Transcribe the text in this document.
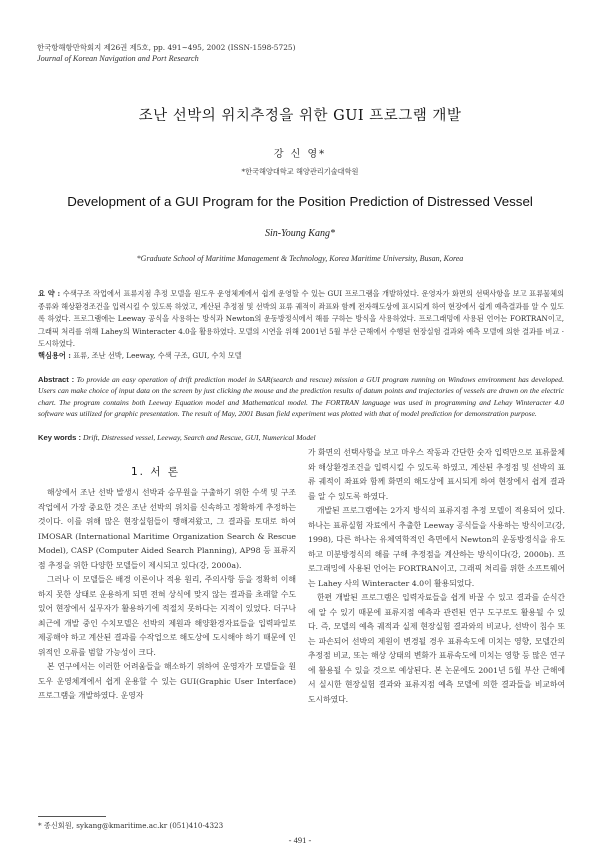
한국항해항만학회지 제26권 제5호, pp. 491~495, 2002 (ISSN-1598-5725)
Journal of Korean Navigation and Port Research
조난 선박의 위치추정을 위한 GUI 프로그램 개발
강 신 영*
*한국해양대학교 해양관리기술대학원
Development of a GUI Program for the Position Prediction of Distressed Vessel
Sin-Young Kang*
*Graduate School of Maritime Management & Technology, Korea Maritime University, Busan, Korea

요 약 : 수색구조 작업에서 표류지점 추정 모델을 원도우 운영체계에서 쉽게 운영할 수 있는 GUI 프로그램을 개발하였다. 운영자가 화면의 선택사항을 보고 표류물체의 종류와 해상환경조건을 입력시킬 수 있도록 하였고, 계산된 추정점 및 선박의 표류 궤적이 좌표와 함께 전자해도상에 표시되게 하여 현장에서 쉽게 예측결과를 알 수 있도록 하였다. 프로그램에는 Leeway 공식을 사용하는 방식과 Newton의 운동방정식에서 해를 구하는 방식을 사용하였다. 프로그래밍에 사용된 언어는 FORTRAN이고, 그래픽 처리를 위해 Lahey의 Winteracter 4.0을 활용하였다. 모델의 시연을 위해 2001년 5월 부산 근해에서 수행된 현장실험 결과와 예측 모델에 의한 결과를 비교 · 도시하였다.

핵심용어 : 표류, 조난 선박, Leeway, 수색 구조, GUI, 수치 모델

Abstract : To provide an easy operation of drift prediction model in SAR(search and rescue) mission a GUI program running on Windows environment has developed. Users can make choice of input data on the screen by just clicking the mouse and the prediction results of datum points and trajectories of vessels are drawn on the electric chart. The program contains both Leeway Equation model and Mathematical model. The FORTRAN language was used in programming and Lehay Winteracter 4.0 software was utilized for graphic presentation. The result of May, 2001 Busan field experiment was plotted with that of model prediction for demonstration purpose.

Key words : Drift, Distressed vessel, Leeway, Search and Rescue, GUI, Numerical Model

1. 서 론

해상에서 조난 선박 발생시 선박과 승무원을 구출하기 위한 수색 및 구조 작업에서 가장 중요한 것은 조난 선박의 위치를 신속하고 정확하게 추정하는 것이다. 이를 위해 많은 현장실험들이 행해져왔고, 그 결과를 토대로 하여 IMOSAR (International Maritime Organization Search & Rescue Model), CASP (Computer Aided Search Planning), AP98 등 표류지점 추정을 위한 다양한 모델들이 제시되고 있다(강, 2000a).

그러나 이 모델들은 배경 이론이나 적용 원리, 주의사항 등을 정확히 이해하지 못한 상태로 운용하게 되면 전혀 상식에 맞지 않는 결과를 초래할 수도 있어 현장에서 실무자가 활용하기에 적절치 못하다는 지적이 있었다. 더구나 최근에 개발 중인 수치모델은 선박의 제원과 해양환경자료들을 입력파일로 제공해야 하고 계산된 결과를 수작업으로 해도상에 도시해야 하기 때문에 인위적인 오류를 범할 가능성이 크다.

본 연구에서는 이러한 어려움들을 해소하기 위하여 운영자가 모델들을 원도우 운영체계에서 쉽게 운용할 수 있는 GUI(Graphic User Interface) 프로그램을 개발하였다. 운영자

가 화면의 선택사항을 보고 마우스 작동과 간단한 숫자 입력만으로 표류물체와 해상환경조건을 입력시킬 수 있도록 하였고, 계산된 추정점 및 선박의 표류 궤적이 좌표와 함께 화면의 해도상에 표시되게 하여 현장에서 쉽게 결과를 알 수 있도록 하였다.

개발된 프로그램에는 2가지 방식의 표류지점 추정 모델이 적용되어 있다. 하나는 표류실험 자료에서 추출한 Leeway 공식들을 사용하는 방식이고(강, 1998), 다른 하나는 유체역학적인 측면에서 Newton의 운동방정식을 유도하고 미분방정식의 해를 구해 추정점을 계산하는 방식이다(강, 2000b). 프로그래밍에 사용된 언어는 FORTRAN이고, 그래픽 처리를 위한 소프트웨어는 Lahey 사의 Winteracter 4.0이 활용되었다.

한편 개발된 프로그램은 입력자료들을 쉽게 바꿀 수 있고 결과를 순식간에 알 수 있기 때문에 표류지점 예측과 관련된 연구 도구로도 활용될 수 있다. 즉, 모델의 예측 궤적과 실제 현장실험 결과와의 비교나, 선박이 침수 또는 파손되어 선박의 제원이 변경될 경우 표류속도에 미치는 영향, 모델간의 추정점 비교, 또는 해상 상태의 변화가 표류속도에 미치는 영향 등 많은 연구에 활용될 수 있을 것으로 예상된다. 본 논문에도 2001년 5월 부산 근해에서 실시한 현장실험 결과와 표류지점 예측 모델에 의한 결과들을 비교하여 도시하였다.

* 종신회원, sykang@kmaritime.ac.kr (051)410-4323
- 491 -
